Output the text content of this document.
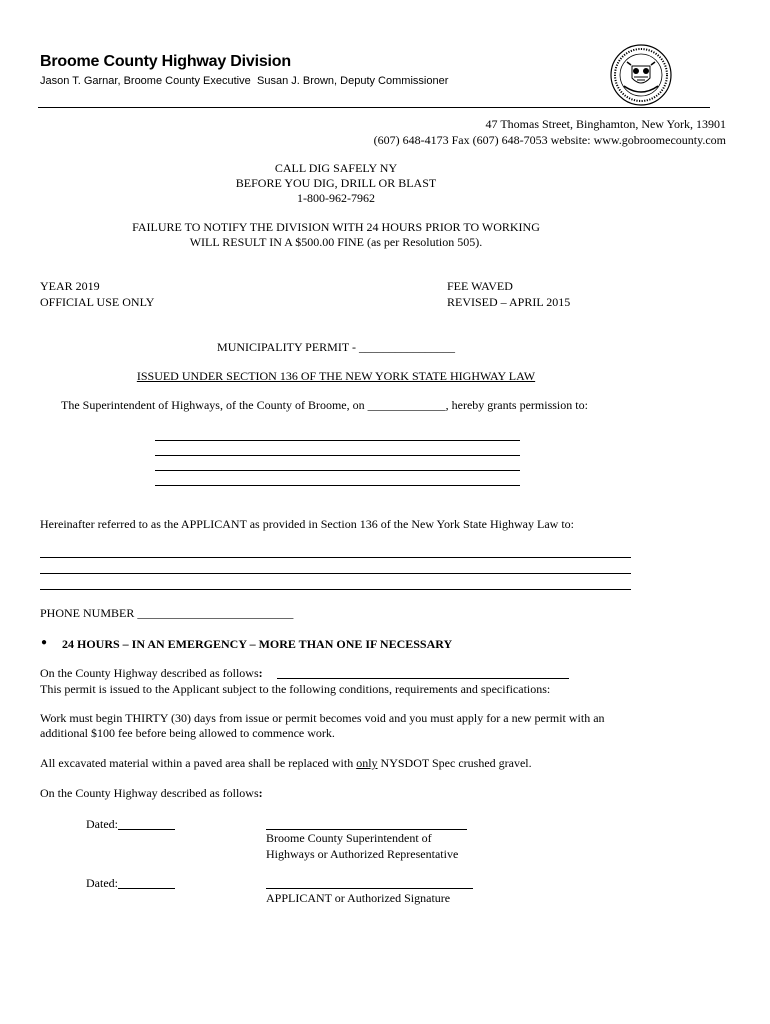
Broome County Highway Division
Jason T. Garnar, Broome County Executive Susan J. Brown, Deputy Commissioner
47 Thomas Street, Binghamton, New York, 13901
(607) 648-4173 Fax (607) 648-7053 website: www.gobroomecounty.com
CALL DIG SAFELY NY
BEFORE YOU DIG, DRILL OR BLAST
1-800-962-7962
FAILURE TO NOTIFY THE DIVISION WITH 24 HOURS PRIOR TO WORKING
WILL RESULT IN A $500.00 FINE (as per Resolution 505).
YEAR 2019
OFFICIAL USE ONLY
FEE WAVED
REVISED – APRIL 2015
MUNICIPALITY PERMIT - ________________
ISSUED UNDER SECTION 136 OF THE NEW YORK STATE HIGHWAY LAW
The Superintendent of Highways, of the County of Broome, on _____________, hereby grants permission to:
Hereinafter referred to as the APPLICANT as provided in Section 136 of the New York State Highway Law to:
PHONE NUMBER __________________________
● 24 HOURS – IN AN EMERGENCY – MORE THAN ONE IF NECESSARY
On the County Highway described as follows:
This permit is issued to the Applicant subject to the following conditions, requirements and specifications:
Work must begin THIRTY (30) days from issue or permit becomes void and you must apply for a new permit with an
additional $100 fee before being allowed to commence work.
All excavated material within a paved area shall be replaced with only NYSDOT Spec crushed gravel.
On the County Highway described as follows:
Dated:
Broome County Superintendent of
Highways or Authorized Representative
Dated:
APPLICANT or Authorized Signature
